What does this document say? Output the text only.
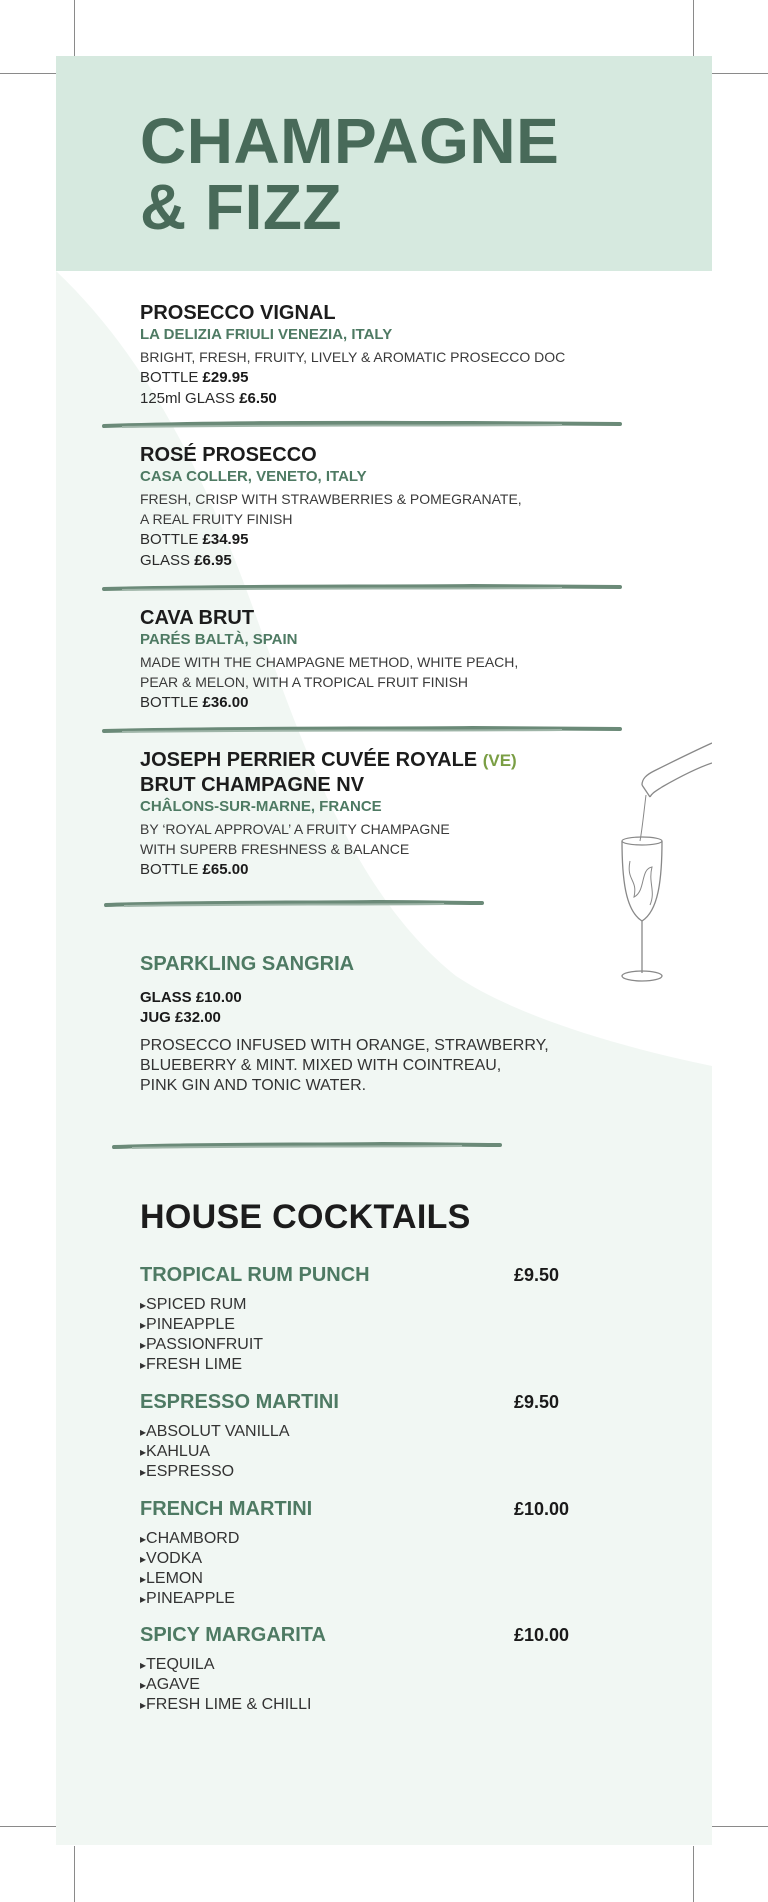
CHAMPAGNE
& FIZZ
PROSECCO VIGNAL
LA DELIZIA FRIULI VENEZIA, ITALY
BRIGHT, FRESH, FRUITY, LIVELY & AROMATIC PROSECCO DOC
BOTTLE £29.95
125ml GLASS £6.50
ROSÉ PROSECCO
CASA COLLER, VENETO, ITALY
FRESH, CRISP WITH STRAWBERRIES & POMEGRANATE,
A REAL FRUITY FINISH
BOTTLE £34.95
GLASS £6.95
CAVA BRUT
PARÉS BALTÀ, SPAIN
MADE WITH THE CHAMPAGNE METHOD, WHITE PEACH,
PEAR & MELON, WITH A TROPICAL FRUIT FINISH
BOTTLE £36.00
JOSEPH PERRIER CUVÉE ROYALE (VE)
BRUT CHAMPAGNE NV
CHÂLONS-SUR-MARNE, FRANCE
BY ‘ROYAL APPROVAL’ A FRUITY CHAMPAGNE
WITH SUPERB FRESHNESS & BALANCE
BOTTLE £65.00
SPARKLING SANGRIA
GLASS £10.00
JUG £32.00
PROSECCO INFUSED WITH ORANGE, STRAWBERRY,
BLUEBERRY & MINT. MIXED WITH COINTREAU,
PINK GIN AND TONIC WATER.
HOUSE COCKTAILS
TROPICAL RUM PUNCH	£9.50
▸ SPICED RUM
▸ PINEAPPLE
▸ PASSIONFRUIT
▸ FRESH LIME
ESPRESSO MARTINI	£9.50
▸ ABSOLUT VANILLA
▸ KAHLUA
▸ ESPRESSO
FRENCH MARTINI	£10.00
▸ CHAMBORD
▸ VODKA
▸ LEMON
▸ PINEAPPLE
SPICY MARGARITA	£10.00
▸ TEQUILA
▸ AGAVE
▸ FRESH LIME & CHILLI
